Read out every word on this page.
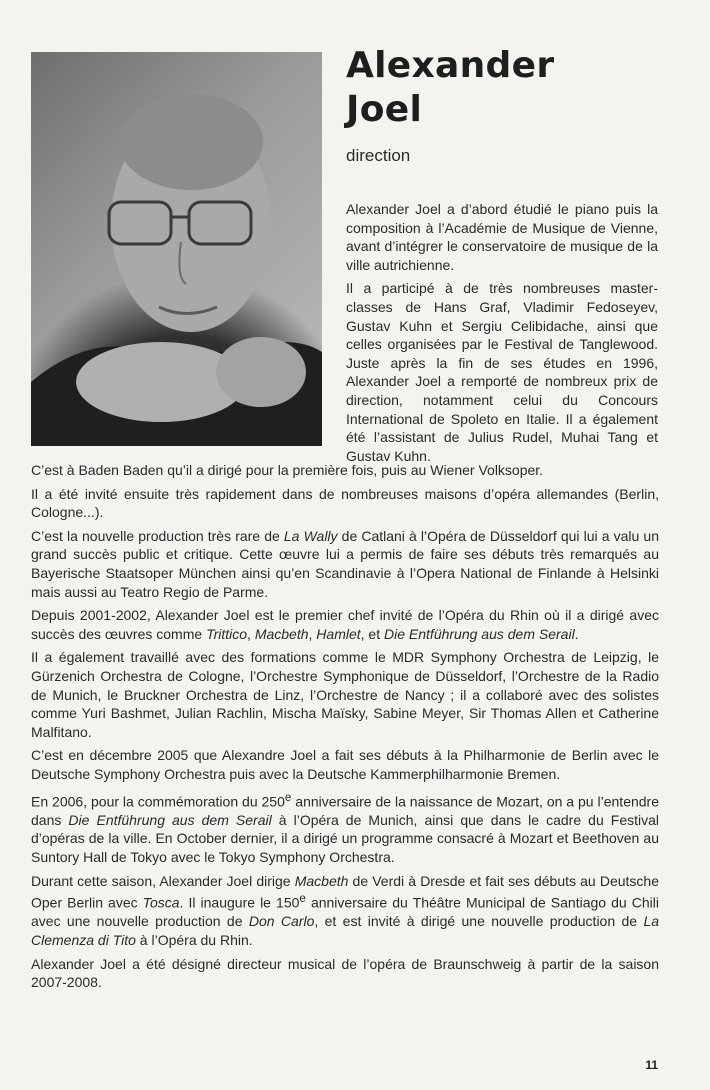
Alexander
Joel
direction

Alexander Joel a d’abord étudié le piano puis la composition à l’Académie de Musique de Vienne, avant d’intégrer le conservatoire de musique de la ville autrichienne.

Il a participé à de très nombreuses master-classes de Hans Graf, Vladimir Fedoseyev, Gustav Kuhn et Sergiu Celibidache, ainsi que celles organisées par le Festival de Tanglewood. Juste après la fin de ses études en 1996, Alexander Joel a remporté de nombreux prix de direction, notamment celui du Concours International de Spoleto en Italie. Il a également été l’assistant de Julius Rudel, Muhai Tang et Gustav Kuhn.

C’est à Baden Baden qu’il a dirigé pour la première fois, puis au Wiener Volksoper.

Il a été invité ensuite très rapidement dans de nombreuses maisons d’opéra allemandes (Berlin, Cologne...).

C’est la nouvelle production très rare de La Wally de Catlani à l’Opéra de Düsseldorf qui lui a valu un grand succès public et critique. Cette œuvre lui a permis de faire ses débuts très remarqués au Bayerische Staatsoper München ainsi qu’en Scandinavie à l’Opera National de Finlande à Helsinki mais aussi au Teatro Regio de Parme.

Depuis 2001-2002, Alexander Joel est le premier chef invité de l’Opéra du Rhin où il a dirigé avec succès des œuvres comme Trittico, Macbeth, Hamlet, et Die Entführung aus dem Serail.

Il a également travaillé avec des formations comme le MDR Symphony Orchestra de Leipzig, le Gürzenich Orchestra de Cologne, l’Orchestre Symphonique de Düsseldorf, l’Orchestre de la Radio de Munich, le Bruckner Orchestra de Linz, l’Orchestre de Nancy ; il a collaboré avec des solistes comme Yuri Bashmet, Julian Rachlin, Mischa Maïsky, Sabine Meyer, Sir Thomas Allen et Catherine Malfitano.

C’est en décembre 2005 que Alexandre Joel a fait ses débuts à la Philharmonie de Berlin avec le Deutsche Symphony Orchestra puis avec la Deutsche Kammerphilharmonie Bremen.

En 2006, pour la commémoration du 250e anniversaire de la naissance de Mozart, on a pu l’entendre dans Die Entführung aus dem Serail à l’Opéra de Munich, ainsi que dans le cadre du Festival d’opéras de la ville. En October dernier, il a dirigé un programme consacré à Mozart et Beethoven au Suntory Hall de Tokyo avec le Tokyo Symphony Orchestra.

Durant cette saison, Alexander Joel dirige Macbeth de Verdi à Dresde et fait ses débuts au Deutsche Oper Berlin avec Tosca. Il inaugure le 150e anniversaire du Théâtre Municipal de Santiago du Chili avec une nouvelle production de Don Carlo, et est invité à dirigé une nouvelle production de La Clemenza di Tito à l’Opéra du Rhin.

Alexander Joel a été désigné directeur musical de l’opéra de Braunschweig à partir de la saison 2007-2008.

11
